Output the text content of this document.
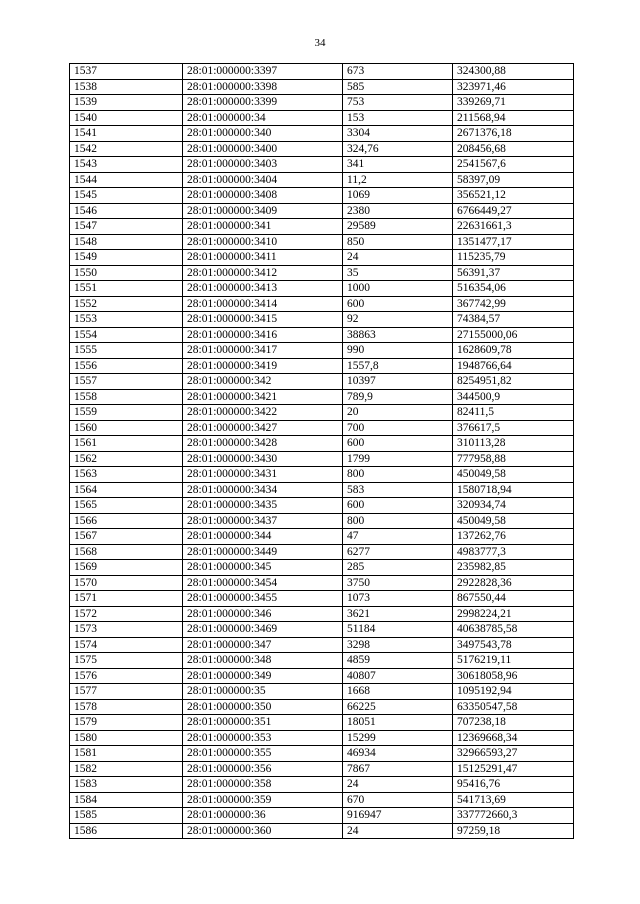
34
1537	28:01:000000:3397	673	324300,88
1538	28:01:000000:3398	585	323971,46
1539	28:01:000000:3399	753	339269,71
1540	28:01:000000:34	153	211568,94
1541	28:01:000000:340	3304	2671376,18
1542	28:01:000000:3400	324,76	208456,68
1543	28:01:000000:3403	341	2541567,6
1544	28:01:000000:3404	11,2	58397,09
1545	28:01:000000:3408	1069	356521,12
1546	28:01:000000:3409	2380	6766449,27
1547	28:01:000000:341	29589	22631661,3
1548	28:01:000000:3410	850	1351477,17
1549	28:01:000000:3411	24	115235,79
1550	28:01:000000:3412	35	56391,37
1551	28:01:000000:3413	1000	516354,06
1552	28:01:000000:3414	600	367742,99
1553	28:01:000000:3415	92	74384,57
1554	28:01:000000:3416	38863	27155000,06
1555	28:01:000000:3417	990	1628609,78
1556	28:01:000000:3419	1557,8	1948766,64
1557	28:01:000000:342	10397	8254951,82
1558	28:01:000000:3421	789,9	344500,9
1559	28:01:000000:3422	20	82411,5
1560	28:01:000000:3427	700	376617,5
1561	28:01:000000:3428	600	310113,28
1562	28:01:000000:3430	1799	777958,88
1563	28:01:000000:3431	800	450049,58
1564	28:01:000000:3434	583	1580718,94
1565	28:01:000000:3435	600	320934,74
1566	28:01:000000:3437	800	450049,58
1567	28:01:000000:344	47	137262,76
1568	28:01:000000:3449	6277	4983777,3
1569	28:01:000000:345	285	235982,85
1570	28:01:000000:3454	3750	2922828,36
1571	28:01:000000:3455	1073	867550,44
1572	28:01:000000:346	3621	2998224,21
1573	28:01:000000:3469	51184	40638785,58
1574	28:01:000000:347	3298	3497543,78
1575	28:01:000000:348	4859	5176219,11
1576	28:01:000000:349	40807	30618058,96
1577	28:01:000000:35	1668	1095192,94
1578	28:01:000000:350	66225	63350547,58
1579	28:01:000000:351	18051	707238,18
1580	28:01:000000:353	15299	12369668,34
1581	28:01:000000:355	46934	32966593,27
1582	28:01:000000:356	7867	15125291,47
1583	28:01:000000:358	24	95416,76
1584	28:01:000000:359	670	541713,69
1585	28:01:000000:36	916947	337772660,3
1586	28:01:000000:360	24	97259,18
